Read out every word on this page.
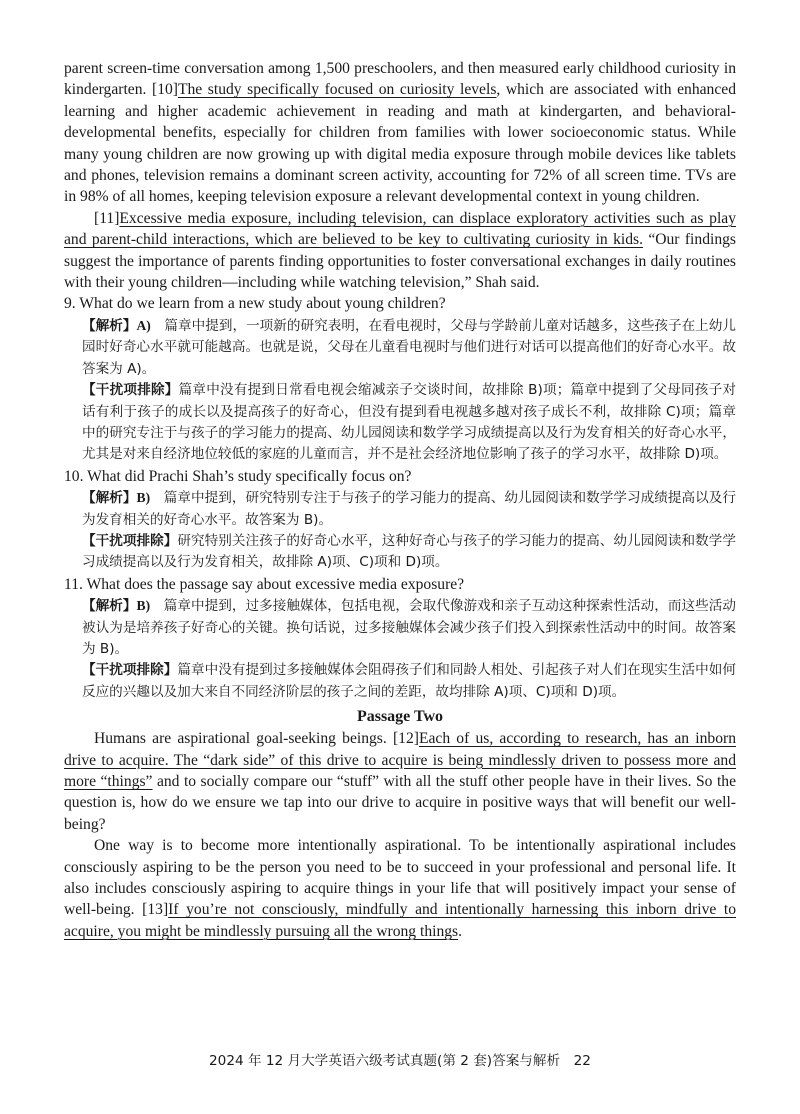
parent screen-time conversation among 1,500 preschoolers, and then measured early childhood curiosity in kindergarten. [10]The study specifically focused on curiosity levels, which are associated with enhanced learning and higher academic achievement in reading and math at kindergarten, and behavioral-developmental benefits, especially for children from families with lower socioeconomic status. While many young children are now growing up with digital media exposure through mobile devices like tablets and phones, television remains a dominant screen activity, accounting for 72% of all screen time. TVs are in 98% of all homes, keeping television exposure a relevant developmental context in young children.

[11]Excessive media exposure, including television, can displace exploratory activities such as play and parent-child interactions, which are believed to be key to cultivating curiosity in kids. “Our findings suggest the importance of parents finding opportunities to foster conversational exchanges in daily routines with their young children—including while watching television,” Shah said.

9. What do we learn from a new study about young children?

【解析】A)　篇章中提到，一项新的研究表明，在看电视时，父母与学龄前儿童对话越多，这些孩子在上幼儿园时好奇心水平就可能越高。也就是说，父母在儿童看电视时与他们进行对话可以提高他们的好奇心水平。故答案为 A)。

【干扰项排除】篇章中没有提到日常看电视会缩减亲子交谈时间，故排除 B)项；篇章中提到了父母同孩子对话有利于孩子的成长以及提高孩子的好奇心，但没有提到看电视越多越对孩子成长不利，故排除 C)项；篇章中的研究专注于与孩子的学习能力的提高、幼儿园阅读和数学学习成绩提高以及行为发育相关的好奇心水平，尤其是对来自经济地位较低的家庭的儿童而言，并不是社会经济地位影响了孩子的学习水平，故排除 D)项。

10. What did Prachi Shah’s study specifically focus on?

【解析】B)　篇章中提到，研究特别专注于与孩子的学习能力的提高、幼儿园阅读和数学学习成绩提高以及行为发育相关的好奇心水平。故答案为 B)。

【干扰项排除】研究特别关注孩子的好奇心水平，这种好奇心与孩子的学习能力的提高、幼儿园阅读和数学学习成绩提高以及行为发育相关，故排除 A)项、C)项和 D)项。

11. What does the passage say about excessive media exposure?

【解析】B)　篇章中提到，过多接触媒体，包括电视，会取代像游戏和亲子互动这种探索性活动，而这些活动被认为是培养孩子好奇心的关键。换句话说，过多接触媒体会减少孩子们投入到探索性活动中的时间。故答案为 B)。

【干扰项排除】篇章中没有提到过多接触媒体会阻碍孩子们和同龄人相处、引起孩子对人们在现实生活中如何反应的兴趣以及加大来自不同经济阶层的孩子之间的差距，故均排除 A)项、C)项和 D)项。

Passage Two

Humans are aspirational goal-seeking beings. [12]Each of us, according to research, has an inborn drive to acquire. The “dark side” of this drive to acquire is being mindlessly driven to possess more and more “things” and to socially compare our “stuff” with all the stuff other people have in their lives. So the question is, how do we ensure we tap into our drive to acquire in positive ways that will benefit our well-being?

One way is to become more intentionally aspirational. To be intentionally aspirational includes consciously aspiring to be the person you need to be to succeed in your professional and personal life. It also includes consciously aspiring to acquire things in your life that will positively impact your sense of well-being. [13]If you’re not consciously, mindfully and intentionally harnessing this inborn drive to acquire, you might be mindlessly pursuing all the wrong things.

2024 年 12 月大学英语六级考试真题(第 2 套)答案与解析　22
